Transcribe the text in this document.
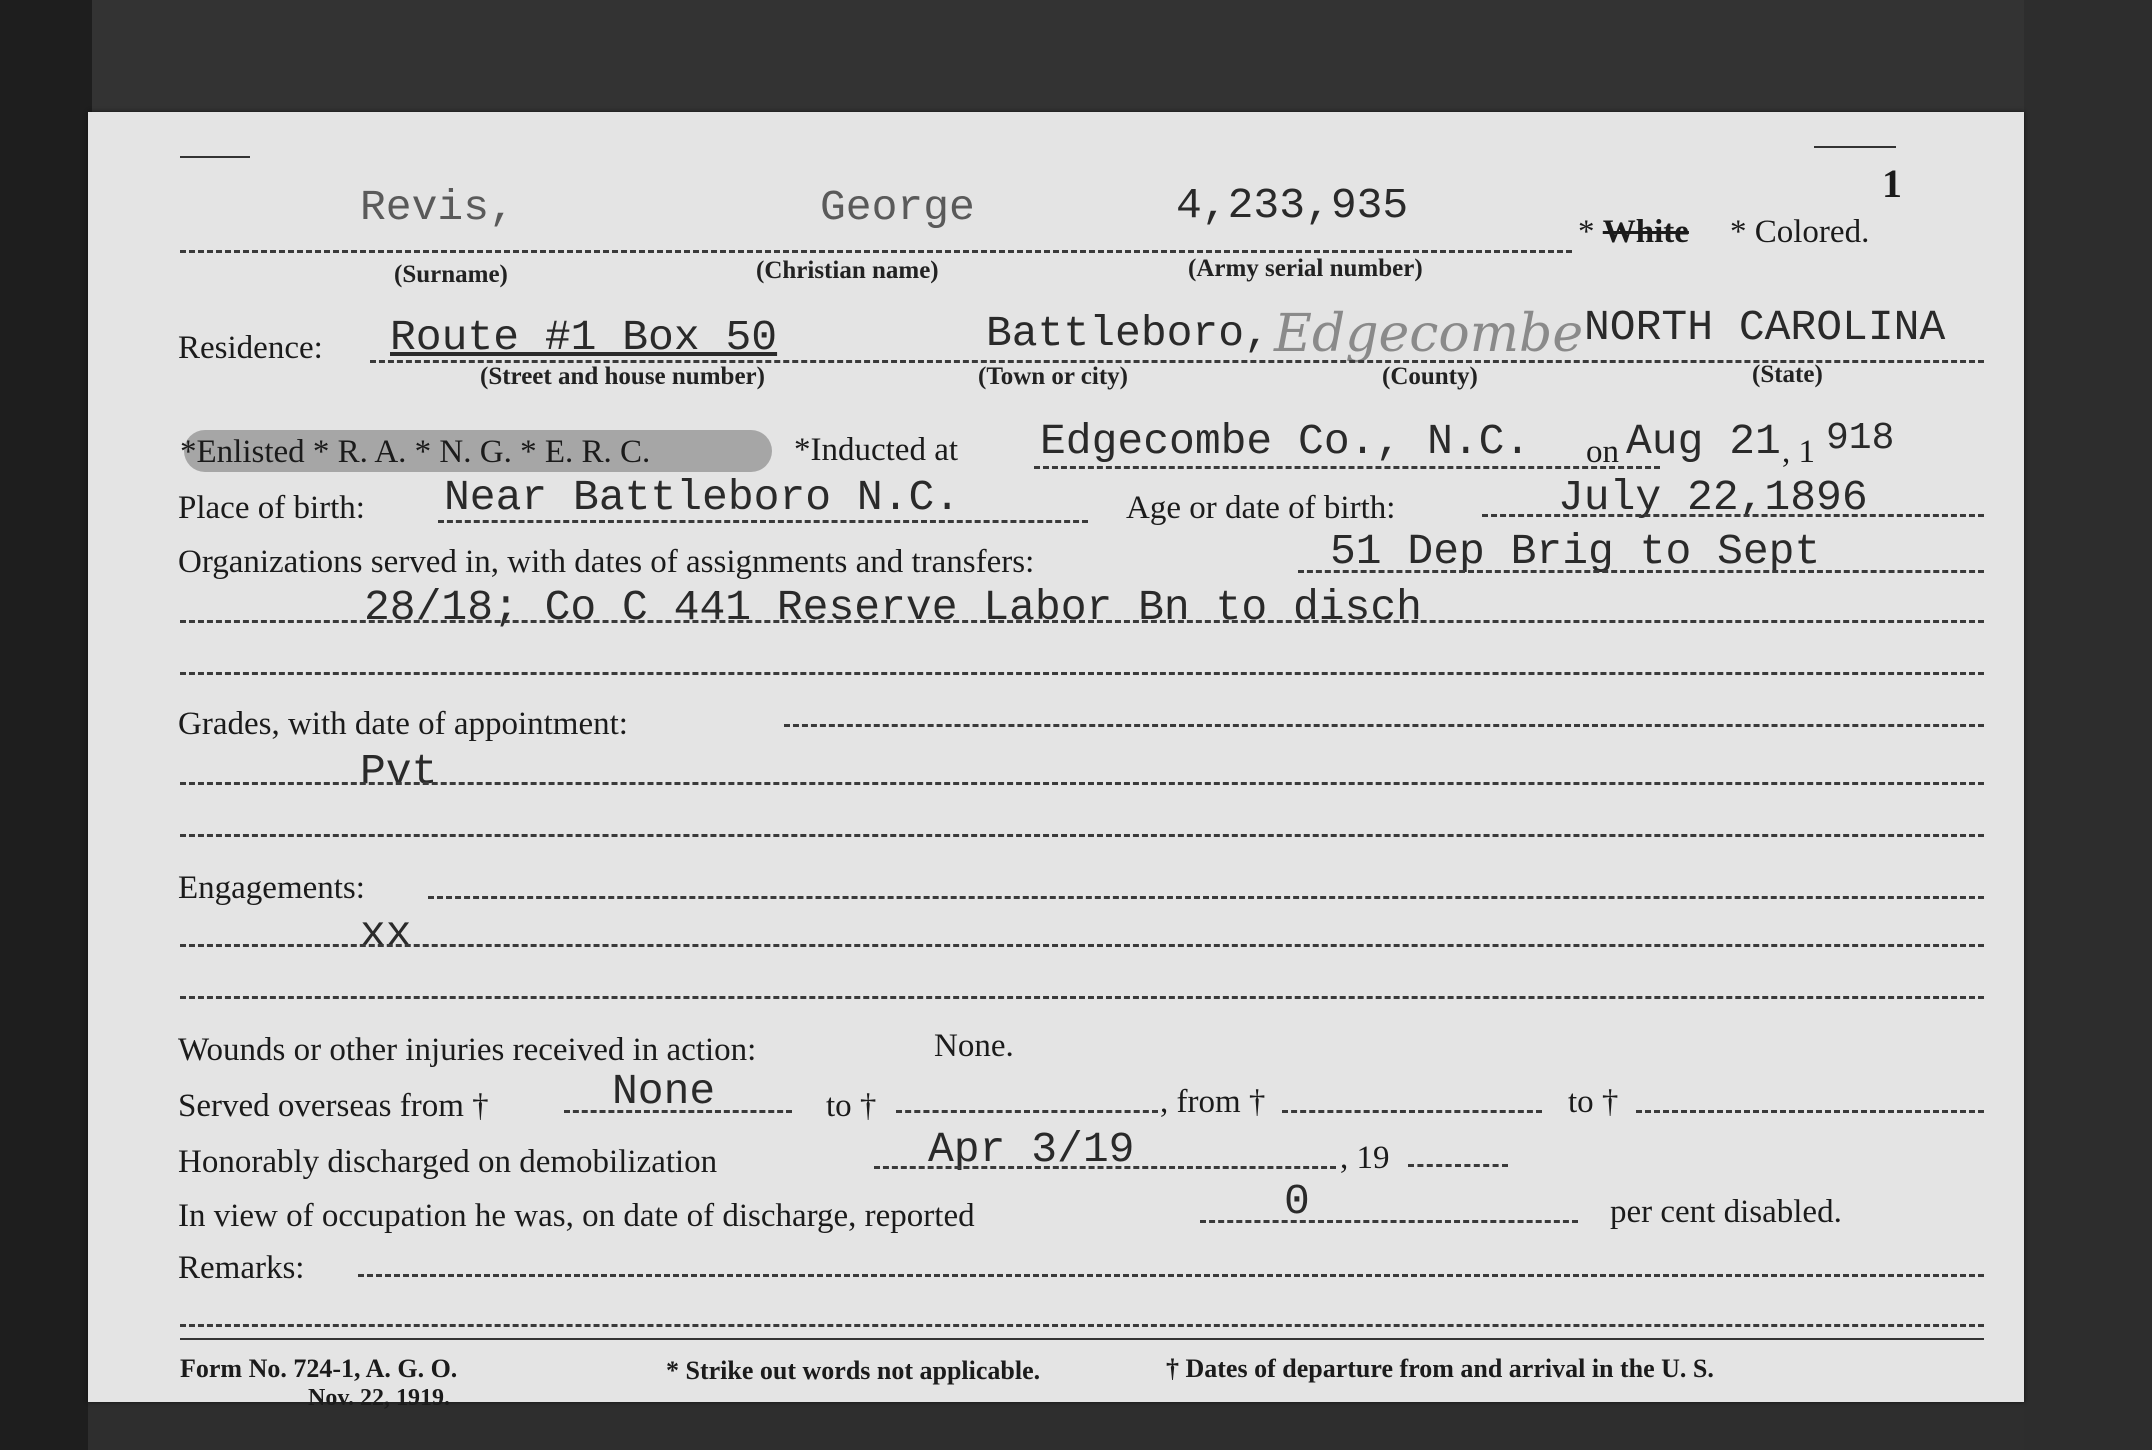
1
Revis,	George	4,233,935
* White * Colored.
(Surname)	(Christian name)	(Army serial number)
Residence: Route #1 Box 50	Battleboro, Edgecombe NORTH CAROLINA
(Street and house number)	(Town or city)	(County)	(State)
*Enlisted * R. A. * N. G. * E. R. C.	*Inducted at Edgecombe Co., N.C. on Aug 21 , 1 918
Place of birth: Near Battleboro N.C.	Age or date of birth:	July 22,1896
Organizations served in, with dates of assignments and transfers:	51 Dep Brig to Sept
28/18; Co C 441 Reserve Labor Bn to disch
Grades, with date of appointment:
Pvt
Engagements:
xx
Wounds or other injuries received in action:	None.
Served overseas from †	None	to †	, from †	to †
Honorably discharged on demobilization	Apr 3/19	, 19
In view of occupation he was, on date of discharge, reported	0	per cent disabled.
Remarks:
Form No. 724-1, A. G. O.
Nov. 22, 1919.
* Strike out words not applicable.	† Dates of departure from and arrival in the U. S.
